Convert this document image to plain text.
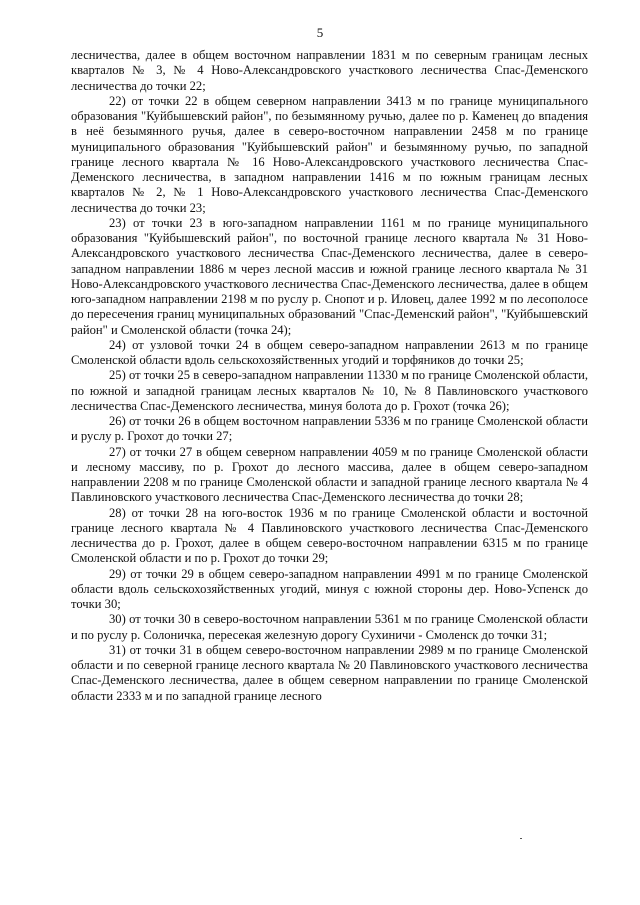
5

лесничества, далее в общем восточном направлении 1831 м по северным границам лесных кварталов № 3, № 4 Ново-Александровского участкового лесничества Спас-Деменского лесничества до точки 22;

22) от точки 22 в общем северном направлении 3413 м по границе муниципального образования "Куйбышевский район", по безымянному ручью, далее по р. Каменец до впадения в неё безымянного ручья, далее в северо-восточном направлении 2458 м по границе муниципального образования "Куйбышевский район" и безымянному ручью, по западной границе лесного квартала № 16 Ново-Александровского участкового лесничества Спас-Деменского лесничества, в западном направлении 1416 м по южным границам лесных кварталов № 2, № 1 Ново-Александровского участкового лесничества Спас-Деменского лесничества до точки 23;

23) от точки 23 в юго-западном направлении 1161 м по границе муниципального образования "Куйбышевский район", по восточной границе лесного квартала № 31 Ново-Александровского участкового лесничества Спас-Деменского лесничества, далее в северо-западном направлении 1886 м через лесной массив и южной границе лесного квартала № 31 Ново-Александровского участкового лесничества Спас-Деменского лесничества, далее в общем юго-западном направлении 2198 м по руслу р. Снопот и р. Иловец, далее 1992 м по лесополосе до пересечения границ муниципальных образований "Спас-Деменский район", "Куйбышевский район" и Смоленской области (точка 24);

24) от узловой точки 24 в общем северо-западном направлении 2613 м по границе Смоленской области вдоль сельскохозяйственных угодий и торфяников до точки 25;

25) от точки 25 в северо-западном направлении 11330 м по границе Смоленской области, по южной и западной границам лесных кварталов № 10, № 8 Павлиновского участкового лесничества Спас-Деменского лесничества, минуя болота до р. Грохот (точка 26);

26) от точки 26 в общем восточном направлении 5336 м по границе Смоленской области и руслу р. Грохот до точки 27;

27) от точки 27 в общем северном направлении 4059 м по границе Смоленской области и лесному массиву, по р. Грохот до лесного массива, далее в общем северо-западном направлении 2208 м по границе Смоленской области и западной границе лесного квартала № 4 Павлиновского участкового лесничества Спас-Деменского лесничества до точки 28;

28) от точки 28 на юго-восток 1936 м по границе Смоленской области и восточной границе лесного квартала № 4 Павлиновского участкового лесничества Спас-Деменского лесничества до р. Грохот, далее в общем северо-восточном направлении 6315 м по границе Смоленской области и по р. Грохот до точки 29;

29) от точки 29 в общем северо-западном направлении 4991 м по границе Смоленской области вдоль сельскохозяйственных угодий, минуя с южной стороны дер. Ново-Успенск до точки 30;

30) от точки 30 в северо-восточном направлении 5361 м по границе Смоленской области и по руслу р. Солоничка, пересекая железную дорогу Сухиничи - Смоленск до точки 31;

31) от точки 31 в общем северо-восточном направлении 2989 м по границе Смоленской области и по северной границе лесного квартала № 20 Павлиновского участкового лесничества Спас-Деменского лесничества, далее в общем северном направлении по границе Смоленской области 2333 м и по западной границе лесного
